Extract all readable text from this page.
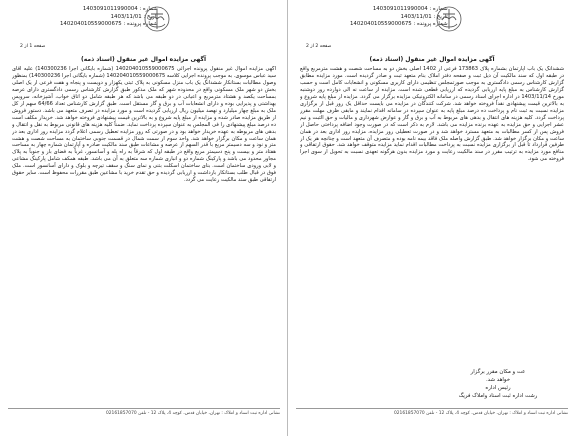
شماره : 1403091011990004
تاریخ : 1403/11/01
شماره پرونده : 140204010559000675
صفحه 1 از 2
آگهی مزایده اموال غیر منقول (اسناد ذمه)
آگهی مزایده اموال غیر منقول پرونده اجرائی 140204010559000675 (شماره بایگانی اجرا 140300236) علیه آقای سید عباس موسوی. به موجب پرونده اجرایی کلاسه 140204010559000675 (شماره بایگانی اجرا 140300236) بمنظور وصول مطالبات بستانکار ششدانگ یک باب منزل مسکونی به پلاک ثبتی یکهزار و دویست و پنجاه و هفت فرعی از یک اصلی بخش دو شهر ملک مسکونی واقع در محدوده شهر که ملک مذکور طبق گزارش کارشناس رسمی دادگستری دارای عرصه بمساحت یکصد و هشتاد مترمربع و اعیانی در دو طبقه می باشد که هر طبقه شامل دو اتاق خواب، آشپزخانه، سرویس بهداشتی و پذیرایی بوده و دارای انشعابات آب و برق و گاز مستقل است. طبق گزارش کارشناس تعداد 64/66 سهم از کل ملک به مبلغ چهار میلیارد و نهصد میلیون ریال ارزیابی گردیده است و مورد مزایده در تصرف متعهد می باشد. دستور فروش از طریق مزایده صادر شده و مزایده از مبلغ پایه شروع و به بالاترین قیمت پیشنهادی فروخته خواهد شد. خریدار مکلف است ده درصد مبلغ پیشنهادی را فی المجلس به عنوان سپرده پرداخت نماید. ضمناً کلیه هزینه های قانونی مربوط به نقل و انتقال و بدهی های مربوطه به عهده خریدار خواهد بود و در صورتی که روز مزایده تعطیل رسمی اعلام گردد مزایده روز اداری بعد در همان ساعت و مکان برگزار خواهد شد. واحد سوم از سمت شمال در قسمت جنوبی ساختمان به مساحت شصت و هشت متر و نود و سه دسیمتر مربع با قدر السهم از عرصه و مشاعات طبق سند مالکیت صادره و آپارتمان شماره چهار به مساحت هفتاد متر و بیست و پنج دسیمتر مربع واقع در طبقه اول که شرقاً به راه پله و آسانسور، غرباً به فضای باز و جنوباً به پلاک مجاور محدود می باشد و پارکینگ شماره دو و انباری شماره سه متعلق به آن می باشد. طبقه همکف شامل پارکینگ مشاعی و لابی ورودی ساختمان است. بنای ساختمان اسکلت بتنی و نمای سنگ و سقف تیرچه و بلوک و دارای آسانسور است. ملک فوق در قبال طلب بستانکار بازداشت و ارزیابی گردیده و حق تقدم خرید با مشاعین طبق مقررات محفوظ است. سایر حقوق ارتفاقی طبق سند مالکیت رعایت می گردد.
نشانی اداره ثبت اسناد و املاک : تهران، خیابان قدس، کوچه 4، پلاک 12 - تلفن 02161857070
شماره : 1403091011990004
تاریخ : 1403/11/01
شماره پرونده : 140204010559000675
صفحه 2 از 2
آگهی مزایده اموال غیر منقول (اسناد ذمه)
ششدانگ یک باب آپارتمان بشماره پلاک 173863 فرعی از 1402 اصلی بخش دو به مساحت شصت و هشت مترمربع واقع در طبقه اول که سند مالکیت آن ذیل ثبت و صفحه دفتر املاک بنام متعهد ثبت و صادر گردیده است. مورد مزایده مطابق گزارش کارشناس رسمی دادگستری به موجب صورتمجلس تنظیمی دارای کاربری مسکونی و انشعابات کامل است و حسب گزارش کارشناس به مبلغ پایه ارزیابی گردیده که ارزیابی قطعی شده است. مزایده از ساعت نه الی دوازده روز دوشنبه مورخ 1403/11/14 در اداره اجرای اسناد رسمی در سامانه الکترونیکی مزایده برگزار می گردد. مزایده از مبلغ پایه شروع و به بالاترین قیمت پیشنهادی نقداً فروخته خواهد شد. شرکت کنندگان در مزایده می بایست حداقل یک روز قبل از برگزاری مزایده نسبت به ثبت نام و پرداخت ده درصد مبلغ پایه به عنوان سپرده در سامانه اقدام نمایند و مابقی ظرف مهلت مقرر پرداخت گردد. کلیه هزینه های انتقال و بدهی های مربوط به آب و برق و گاز و عوارض شهرداری و مالیات و حق الثبت و نیم عشر اجرایی و حق مزایده به عهده برنده مزایده می باشد. لازم به ذکر است که در صورت وجود اضافه پرداختی حاصل از فروش پس از کسر مطالبات به متعهد مسترد خواهد شد و در صورت تعطیلی روز مزایده، مزایده روز اداری بعد در همان ساعت و مکان برگزار خواهد شد. طبق گزارش واصله ملک فاقد بیمه نامه بوده و متصرف آن متعهد است و چنانچه هر یک از طرفین قرارداد تا قبل از برگزاری مزایده نسبت به پرداخت مطالبات اقدام نماید مزایده متوقف خواهد شد. حقوق ارتفاقی و منافع مورد مزایده به ترتیب مقرر در سند مالکیت رعایت و مورد مزایده بدون هرگونه تعهدی نسبت به تحویل از سوی اجرا فروخته می شود.
عت و مکان مقرر برگزار
خواهد شد.
رئیس اداره
رشت اداره ثبت اسناد واملاک فریگ
نشانی اداره ثبت اسناد و املاک : تهران، خیابان قدس، کوچه 4، پلاک 12 - تلفن 02161857070
